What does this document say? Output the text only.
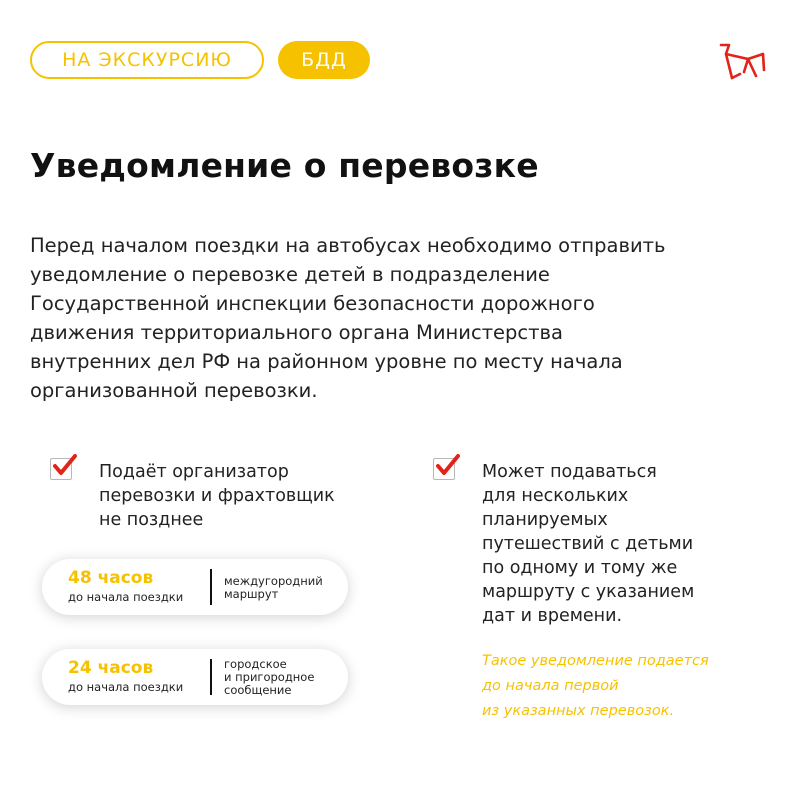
НА ЭКСКУРСИЮ	БДД
Уведомление о перевозке
Перед началом поездки на автобусах необходимо отправить
уведомление о перевозке детей в подразделение
Государственной инспекции безопасности дорожного
движения территориального органа Министерства
внутренних дел РФ на районном уровне по месту начала
организованной перевозки.
Подаёт организатор
перевозки и фрахтовщик
не позднее
48 часов
до начала поездки
междугородний
маршрут
24 часов
до начала поездки
городское
и пригородное
сообщение
Может подаваться
для нескольких
планируемых
путешествий с детьми
по одному и тому же
маршруту с указанием
дат и времени.
Такое уведомление подается
до начала первой
из указанных перевозок.
